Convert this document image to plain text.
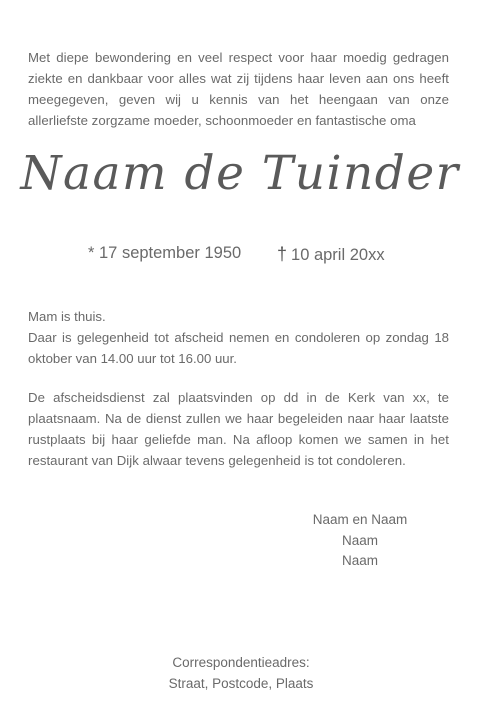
Met diepe bewondering en veel respect voor haar moedig gedragen ziekte en dankbaar voor alles wat zij tijdens haar leven aan ons heeft meegegeven, geven wij u kennis van het heengaan van onze allerliefste zorgzame moeder, schoonmoeder en fantastische oma

Naam de Tuinder
* 17 september 1950 † 10 april 20xx
Mam is thuis.
Daar is gelegenheid tot afscheid nemen en condoleren op zondag 18 oktober van 14.00 uur tot 16.00 uur.

De afscheidsdienst zal plaatsvinden op dd in de Kerk van xx, te plaatsnaam. Na de dienst zullen we haar begeleiden naar haar laatste rustplaats bij haar geliefde man. Na afloop komen we samen in het restaurant van Dijk alwaar tevens gelegenheid is tot condoleren.

Naam en Naam
Naam
Naam
Correspondentieadres:
Straat, Postcode, Plaats
